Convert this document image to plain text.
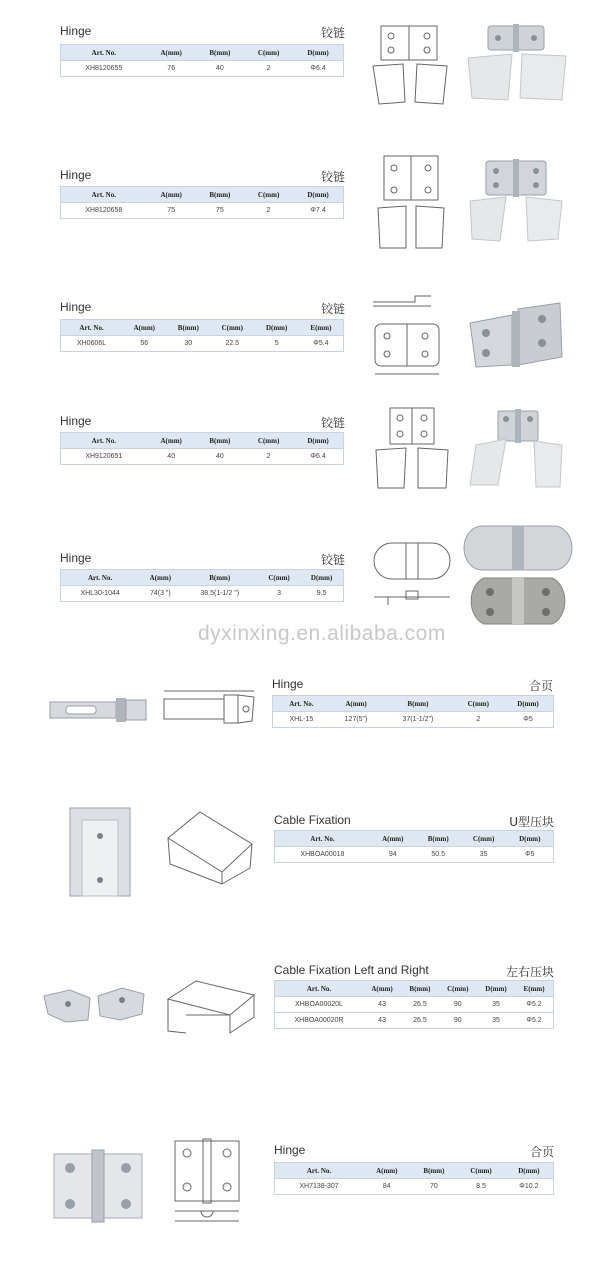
Hinge	铰链
Art. No.	A(mm)	B(mm)	C(mm)	D(mm)
XH8120655	76	40	2	Φ6.4
Hinge	铰链
Art. No.	A(mm)	B(mm)	C(mm)	D(mm)
XH8120658	75	75	2	Φ7.4
Hinge	铰链
Art. No.	A(mm)	B(mm)	C(mm)	D(mm)	E(mm)
XH0606L	56	30	22.5	5	Φ5.4
Hinge	铰链
Art. No.	A(mm)	B(mm)	C(mm)	D(mm)
XH9120651	40	40	2	Φ6.4
Hinge	铰链
Art. No.	A(mm)	B(mm)	C(mm)	D(mm)
XHL30-1044	74(3 ")	38.5(1-1/2 ")	3	9.5
dyxinxing.en.alibaba.com
Hinge	合页
Art. No.	A(mm)	B(mm)	C(mm)	D(mm)
XHL-15	127(5")	37(1-1/2")	2	Φ5
Cable Fixation	U型压块
Art. No.	A(mm)	B(mm)	C(mm)	D(mm)
XHBOA00018	94	50.5	35	Φ5
Cable Fixation Left and Right	左右压块
Art. No.	A(mm)	B(mm)	C(mm)	D(mm)	E(mm)
XHBOA00020L	43	26.5	90	35	Φ5.2
XHBOA00020R	43	26.5	90	35	Φ5.2
Hinge	合页
Art. No.	A(mm)	B(mm)	C(mm)	D(mm)
XH7138-307	84	70	8.5	Φ10.2
